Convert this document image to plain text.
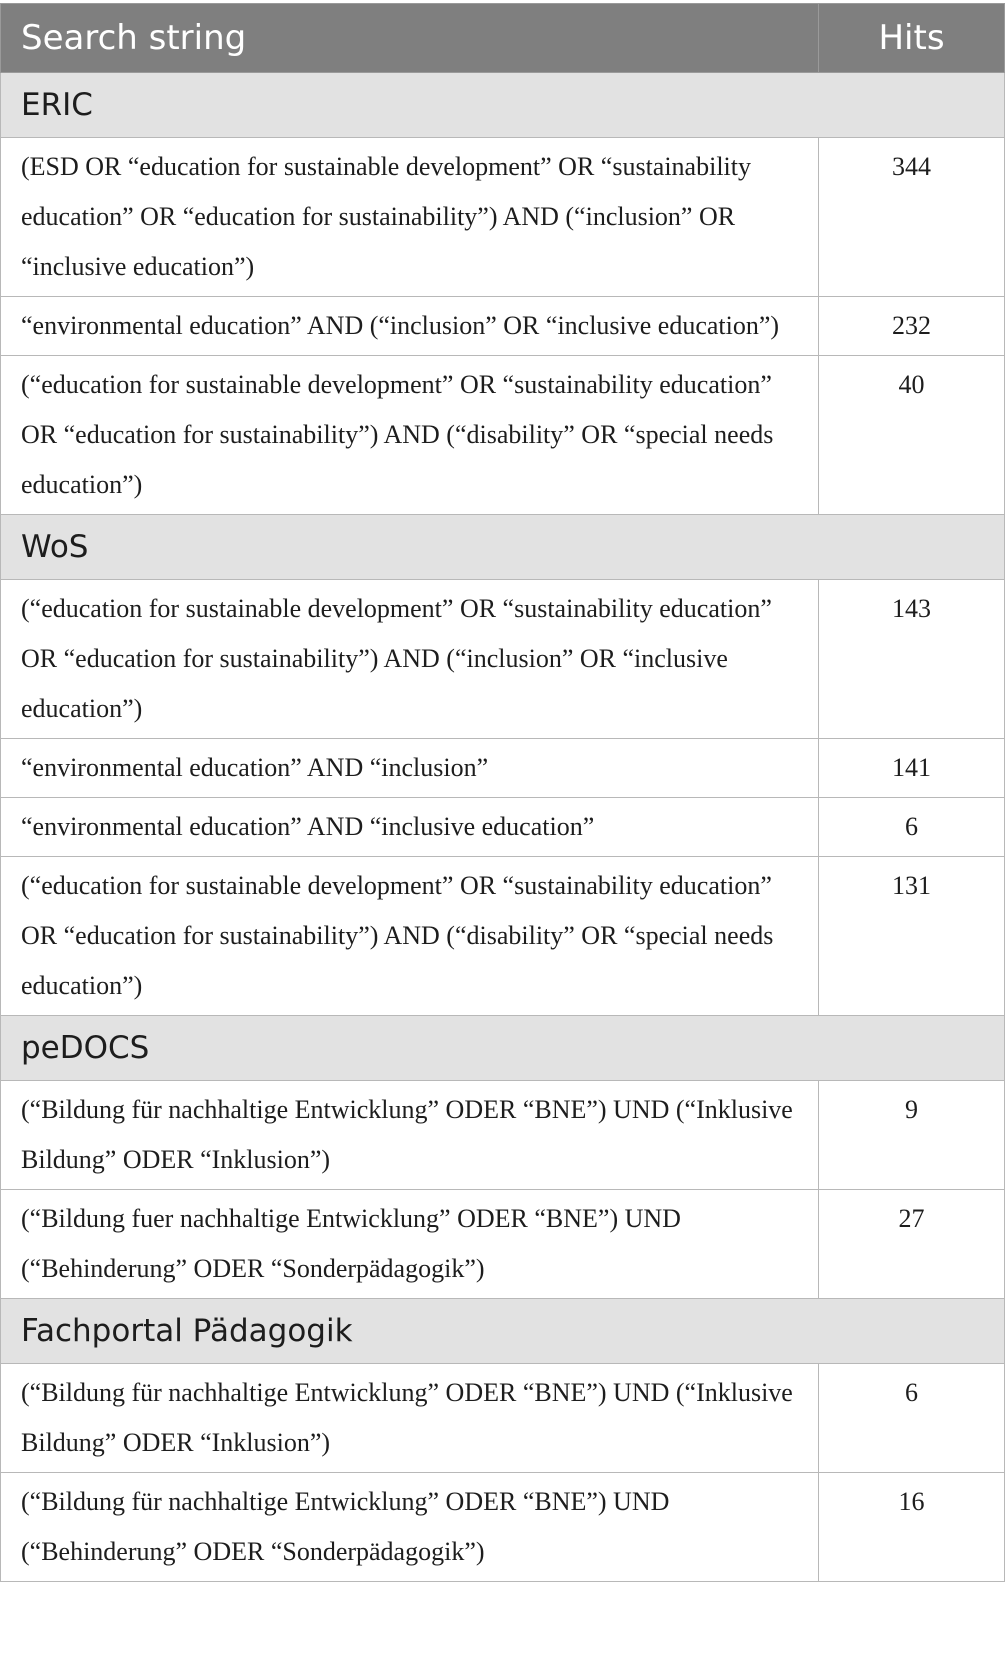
Search string	Hits
ERIC	
(ESD OR “education for sustainable development” OR “sustainability education” OR “education for sustainability”) AND (“inclusion” OR “inclusive education”)	344
“environmental education” AND (“inclusion” OR “inclusive education”)	232
(“education for sustainable development” OR “sustainability education” OR “education for sustainability”) AND (“disability” OR “special needs education”)	40
WoS	
(“education for sustainable development” OR “sustainability education” OR “education for sustainability”) AND (“inclusion” OR “inclusive education”)	143
“environmental education” AND “inclusion”	141
“environmental education” AND “inclusive education”	6
(“education for sustainable development” OR “sustainability education” OR “education for sustainability”) AND (“disability” OR “special needs education”)	131
peDOCS	
(“Bildung für nachhaltige Entwicklung” ODER “BNE”) UND (“Inklusive Bildung” ODER “Inklusion”)	9
(“Bildung fuer nachhaltige Entwicklung” ODER “BNE”) UND (“Behinderung” ODER “Sonderpädagogik”)	27
Fachportal Pädagogik	
(“Bildung für nachhaltige Entwicklung” ODER “BNE”) UND (“Inklusive Bildung” ODER “Inklusion”)	6
(“Bildung für nachhaltige Entwicklung” ODER “BNE”) UND (“Behinderung” ODER “Sonderpädagogik”)	16
